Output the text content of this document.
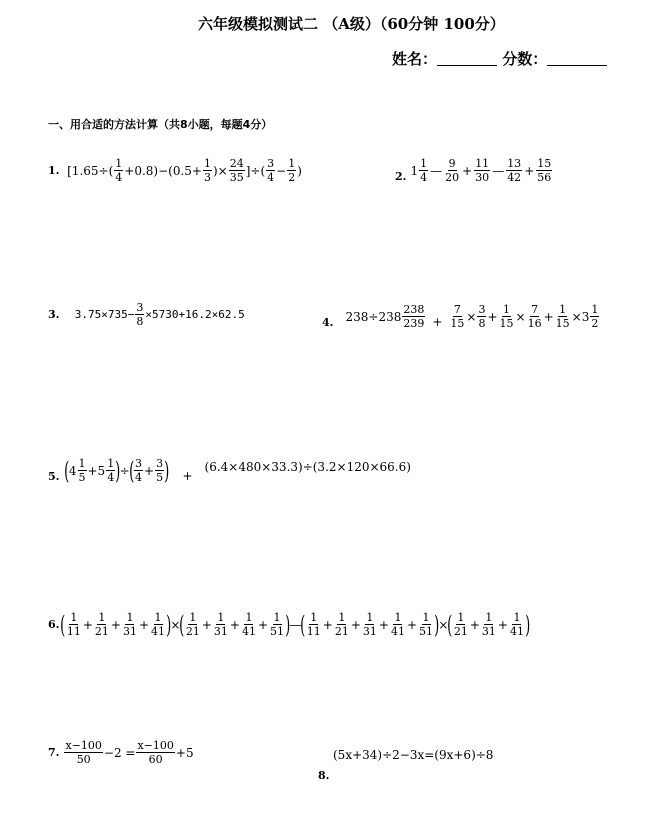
六年级模拟测试二 （A级）（60分钟 100分）
姓名：	分数：
一、用合适的方法计算（共8小题，每题4分）
1.
[$1.65\div( \frac{1}{4} +0.8)-(0.5+ \frac{1}{3}$ )× $\frac{24}{35}$ ]÷( $\frac{3}{4} - \frac{1}{2}$ )	2. $1 \frac{1}{4}$ — $\frac{9}{20} + \frac{11}{30}$ — $\frac{13}{42} + \frac{15}{56}$
3.
$3.75\times 735- \frac{3}{8} \times 5730+16.2\times 62.5$
4. $238\div 238 \frac{238}{239} + \frac{7}{15} \times \frac{3}{8} + \frac{1}{15} \times \frac{7}{16} + \frac{1}{15} \times 3 \frac{1}{2}$
5. ( $4 \frac{1}{5} +5 \frac{1}{4}$ ) ÷ ( $\frac{3}{4} + \frac{3}{5}$ ) +
(6.4×480×33.3)÷(3.2×120×66.6)
6. ( $\frac{1}{11} + \frac{1}{21} + \frac{1}{31} + \frac{1}{41}$ ) × ( $\frac{1}{21} + \frac{1}{31} + \frac{1}{41} + \frac{1}{51}$ ) — ( $\frac{1}{11} + \frac{1}{21} + \frac{1}{31} + \frac{1}{41} + \frac{1}{51}$ ) × ( $\frac{1}{21} + \frac{1}{31} + \frac{1}{41}$ )
7. $\frac{x-100}{50} -2 = \frac{x-100}{60} +5$
8.
(5x+34)÷2−3x=(9x+6)÷8
